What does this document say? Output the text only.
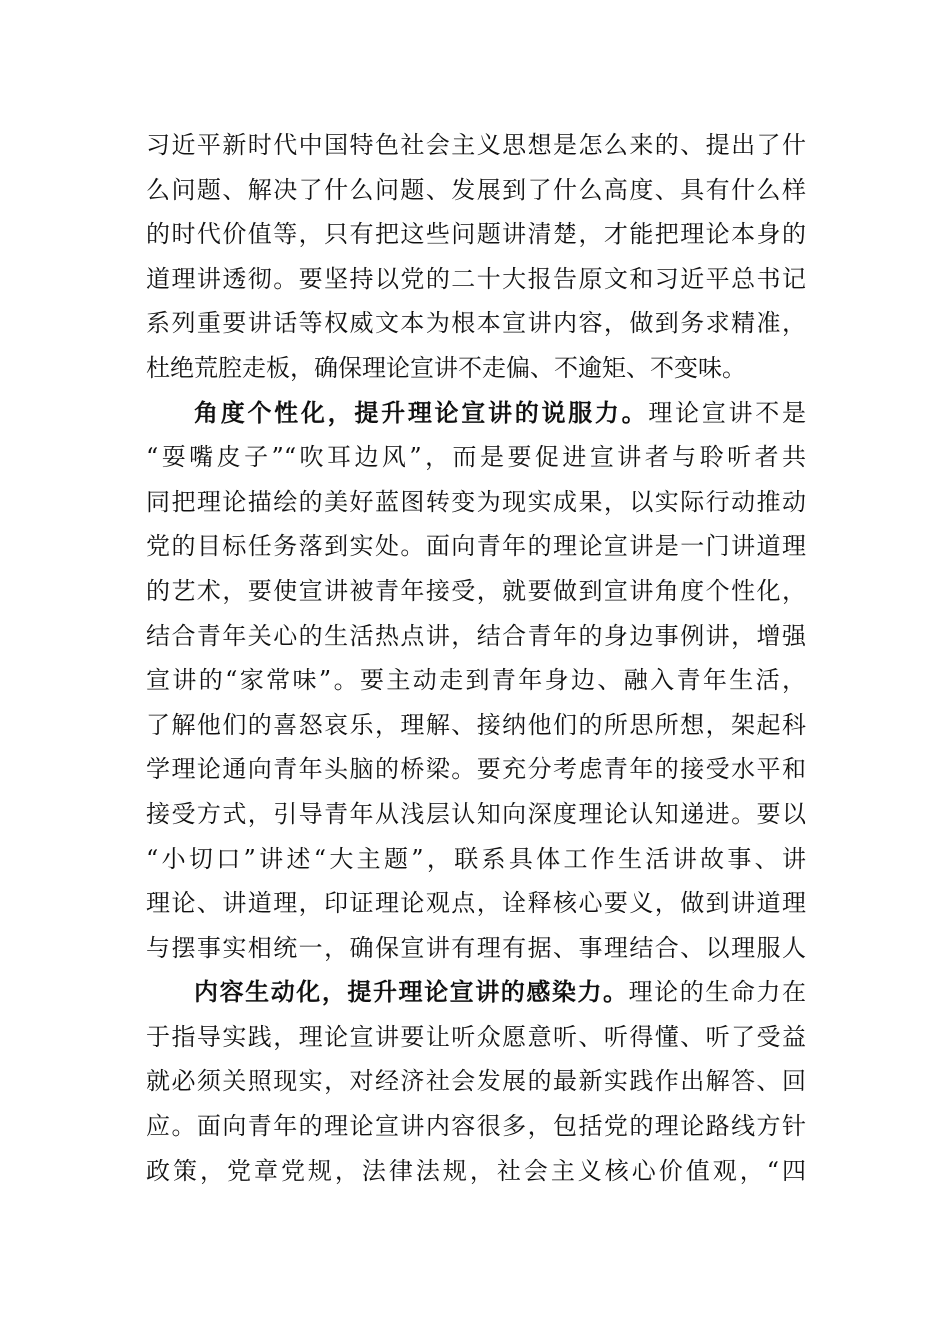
习近平新时代中国特色社会主义思想是怎么来的、提出了什
么问题、解决了什么问题、发展到了什么高度、具有什么样
的时代价值等，只有把这些问题讲清楚，才能把理论本身的
道理讲透彻。要坚持以党的二十大报告原文和习近平总书记
系列重要讲话等权威文本为根本宣讲内容，做到务求精准，
杜绝荒腔走板，确保理论宣讲不走偏、不逾矩、不变味。
角度个性化，提升理论宣讲的说服力。理论宣讲不是
“耍嘴皮子”“吹耳边风”，而是要促进宣讲者与聆听者共
同把理论描绘的美好蓝图转变为现实成果，以实际行动推动
党的目标任务落到实处。面向青年的理论宣讲是一门讲道理
的艺术，要使宣讲被青年接受，就要做到宣讲角度个性化，
结合青年关心的生活热点讲，结合青年的身边事例讲，增强
宣讲的“家常味”。要主动走到青年身边、融入青年生活，
了解他们的喜怒哀乐，理解、接纳他们的所思所想，架起科
学理论通向青年头脑的桥梁。要充分考虑青年的接受水平和
接受方式，引导青年从浅层认知向深度理论认知递进。要以
“小切口”讲述“大主题”，联系具体工作生活讲故事、讲
理论、讲道理，印证理论观点，诠释核心要义，做到讲道理
与摆事实相统一，确保宣讲有理有据、事理结合、以理服人
内容生动化，提升理论宣讲的感染力。理论的生命力在
于指导实践，理论宣讲要让听众愿意听、听得懂、听了受益
就必须关照现实，对经济社会发展的最新实践作出解答、回
应。面向青年的理论宣讲内容很多，包括党的理论路线方针
政策，党章党规，法律法规，社会主义核心价值观，“四
